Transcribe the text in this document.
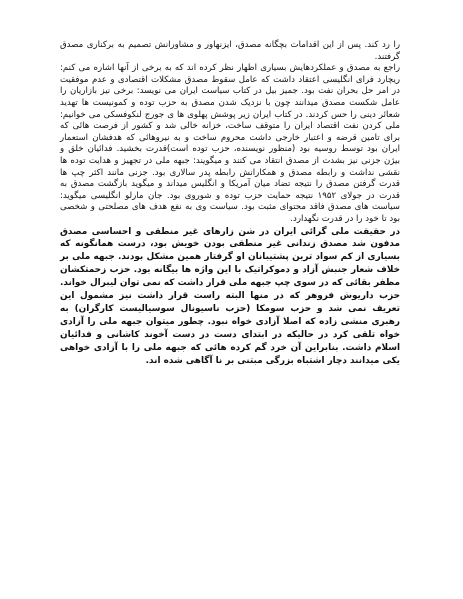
را رد کند. پس از این اقدامات بچگانه مصدق، ایزنهاور و مشاورانش تصمیم به برکناری مصدق گرفتند.

راجع به مصدق و عملکردهایش بسیاری اظهار نظر کرده اند که به برخی از آنها اشاره می کنم: ریچارد فرای انگلیسی اعتقاد داشت که عامل سقوط مصدق مشکلات اقتصادی و عدم موفقیت در امر حل بحران نفت بود. جمیز بیل در کتاب سیاست ایران می نویسد: برخی نیز بازاریان را عامل شکست مصدق میدانند چون با نزدیک شدن مصدق به حزب توده و کمونیست ها تهدید شعائر دینی را حس کردند. در کتاب ایران زیر پوشش پهلوی ها ی جورج لنکوفسکی می خوانیم: ملی کردن نفت اقتصاد ایران را متوقف ساخت، خزانه خالی شد و کشور از فرصت هائی که برای تامین قرضه و اعتبار خارجی داشت محروم ساخت و به نیروهائی که هدفشان استعمار ایران بود توسط روسیه بود (منظور نویسنده، حزب توده است)قدرت بخشید. فدائیان خلق و بیژن جزنی نیز بشدت از مصدق انتقاد می کنند و میگویند: جبهه ملی در تجهیز و هدایت توده ها نقشی نداشت و رابطه مصدق و همکارانش رابطه پدر سالاری بود. جزنی مانند اکثر چپ ها قدرت گرفتن مصدق را نتیجه تضاد میان آمریکا و انگلیس میداند و میگوید بازگشت مصدق به قدرت در جولای ۱۹۵۲ نتیجه حمایت حزب توده و شوروی بود. جان مارلو انگلیسی میگوید: سیاست های مصدق فاقد محتوای مثبت بود. سیاست وی به نفع هدف های مصلحتی و شخصی بود تا خود را در قدرت نگهدارد.

در حقیقت ملی گرائی ایران در شن زارهای غیر منطقی و احساسی مصدق مدفون شد مصدق زندانی غیر منطقی بودن خویش بود، درست همانگونه که بسیاری از کم سواد ترین پشتیبانان او گرفتار همین مشکل بودند. جبهه ملی بر خلاف شعار جنبش آزاد و دموکراتیک با این واژه ها بیگانه بود. حزب زحمتکشان مظفر بقائی که در سوی چپ جبهه ملی قرار داشت که نمی توان لیبرال خواند. حزب داریوش فروهر که در منها البته راست قرار داشت نیز مشمول این تعریف نمی شد و حزب سومکا (حزب ناسیونال سوسیالیست کارگران) به رهبری منشی زاده که اصلا آزادی خواه نبود. چطور میتوان جبهه ملی را آزادی خواه تلقی کرد در حالیکه در ابتدای دست در دست آخوند کاشانی و فدائیان اسلام داشت. بنابراین آن خرد گم کرده هائی که جبهه ملی را با آزادی خواهی یکی میدانند دچار اشتباه بزرگی مبتنی بر نا آگاهی شده اند.
